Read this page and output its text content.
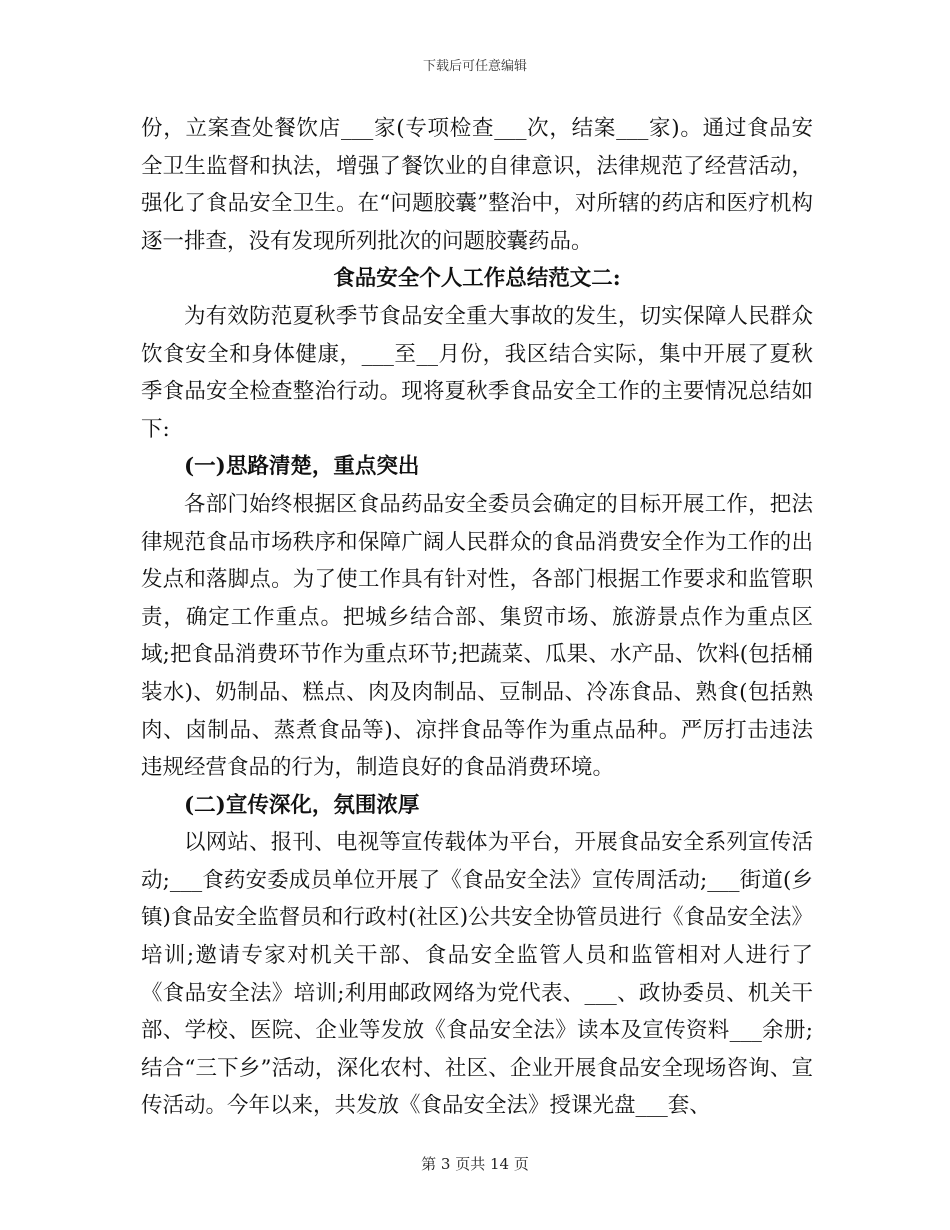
下载后可任意编辑

份，立案查处餐饮店___家(专项检查___次，结案___家)。通过食品安全卫生监督和执法，增强了餐饮业的自律意识，法律规范了经营活动，强化了食品安全卫生。在“问题胶囊”整治中，对所辖的药店和医疗机构逐一排查，没有发现所列批次的问题胶囊药品。

食品安全个人工作总结范文二:

为有效防范夏秋季节食品安全重大事故的发生，切实保障人民群众饮食安全和身体健康，___至__月份，我区结合实际，集中开展了夏秋季食品安全检查整治行动。现将夏秋季食品安全工作的主要情况总结如下:

(一)思路清楚，重点突出

各部门始终根据区食品药品安全委员会确定的目标开展工作，把法律规范食品市场秩序和保障广阔人民群众的食品消费安全作为工作的出发点和落脚点。为了使工作具有针对性，各部门根据工作要求和监管职责，确定工作重点。把城乡结合部、集贸市场、旅游景点作为重点区域;把食品消费环节作为重点环节;把蔬菜、瓜果、水产品、饮料(包括桶装水)、奶制品、糕点、肉及肉制品、豆制品、冷冻食品、熟食(包括熟肉、卤制品、蒸煮食品等)、凉拌食品等作为重点品种。严厉打击违法违规经营食品的行为，制造良好的食品消费环境。

(二)宣传深化，氛围浓厚

以网站、报刊、电视等宣传载体为平台，开展食品安全系列宣传活动;___食药安委成员单位开展了《食品安全法》宣传周活动;___街道(乡镇)食品安全监督员和行政村(社区)公共安全协管员进行《食品安全法》培训;邀请专家对机关干部、食品安全监管人员和监管相对人进行了《食品安全法》培训;利用邮政网络为党代表、___、政协委员、机关干部、学校、医院、企业等发放《食品安全法》读本及宣传资料___余册;结合“三下乡”活动，深化农村、社区、企业开展食品安全现场咨询、宣传活动。今年以来，共发放《食品安全法》授课光盘___套、

第 3 页共 14 页
